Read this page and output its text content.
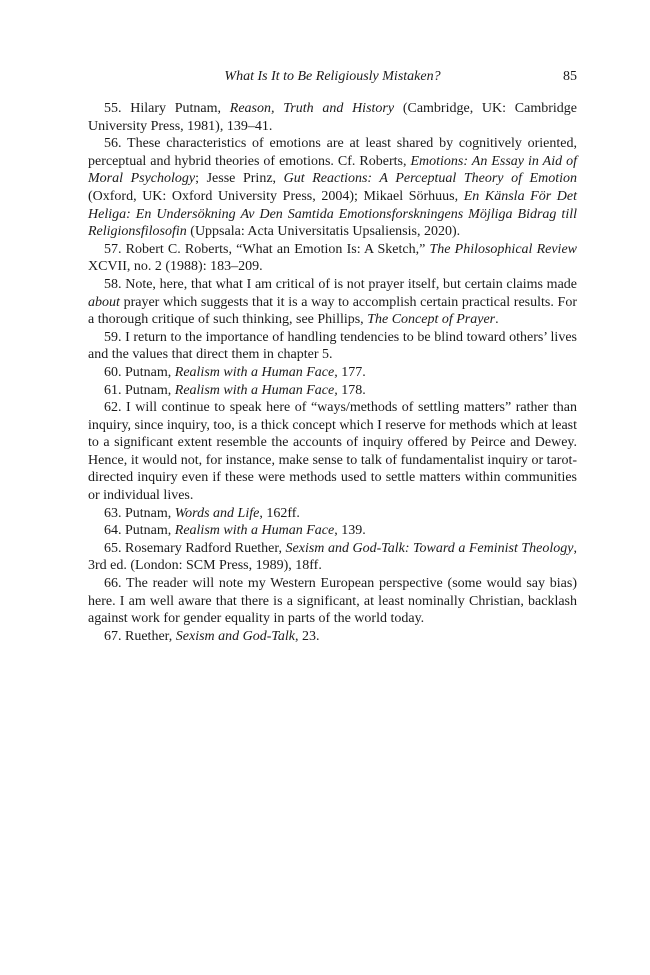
What Is It to Be Religiously Mistaken?	85

55. Hilary Putnam, Reason, Truth and History (Cambridge, UK: Cambridge University Press, 1981), 139–41.

56. These characteristics of emotions are at least shared by cognitively oriented, perceptual and hybrid theories of emotions. Cf. Roberts, Emotions: An Essay in Aid of Moral Psychology; Jesse Prinz, Gut Reactions: A Perceptual Theory of Emotion (Oxford, UK: Oxford University Press, 2004); Mikael Sörhuus, En Känsla För Det Heliga: En Undersökning Av Den Samtida Emotionsforskningens Möjliga Bidrag till Religionsfilosofin (Uppsala: Acta Universitatis Upsaliensis, 2020).

57. Robert C. Roberts, “What an Emotion Is: A Sketch,” The Philosophical Review XCVII, no. 2 (1988): 183–209.

58. Note, here, that what I am critical of is not prayer itself, but certain claims made about prayer which suggests that it is a way to accomplish certain practical results. For a thorough critique of such thinking, see Phillips, The Concept of Prayer.

59. I return to the importance of handling tendencies to be blind toward others’ lives and the values that direct them in chapter 5.

60. Putnam, Realism with a Human Face, 177.

61. Putnam, Realism with a Human Face, 178.

62. I will continue to speak here of “ways/methods of settling matters” rather than inquiry, since inquiry, too, is a thick concept which I reserve for methods which at least to a significant extent resemble the accounts of inquiry offered by Peirce and Dewey. Hence, it would not, for instance, make sense to talk of fundamentalist inquiry or tarot-directed inquiry even if these were methods used to settle matters within communities or individual lives.

63. Putnam, Words and Life, 162ff.

64. Putnam, Realism with a Human Face, 139.

65. Rosemary Radford Ruether, Sexism and God-Talk: Toward a Feminist Theology, 3rd ed. (London: SCM Press, 1989), 18ff.

66. The reader will note my Western European perspective (some would say bias) here. I am well aware that there is a significant, at least nominally Christian, backlash against work for gender equality in parts of the world today.

67. Ruether, Sexism and God-Talk, 23.
